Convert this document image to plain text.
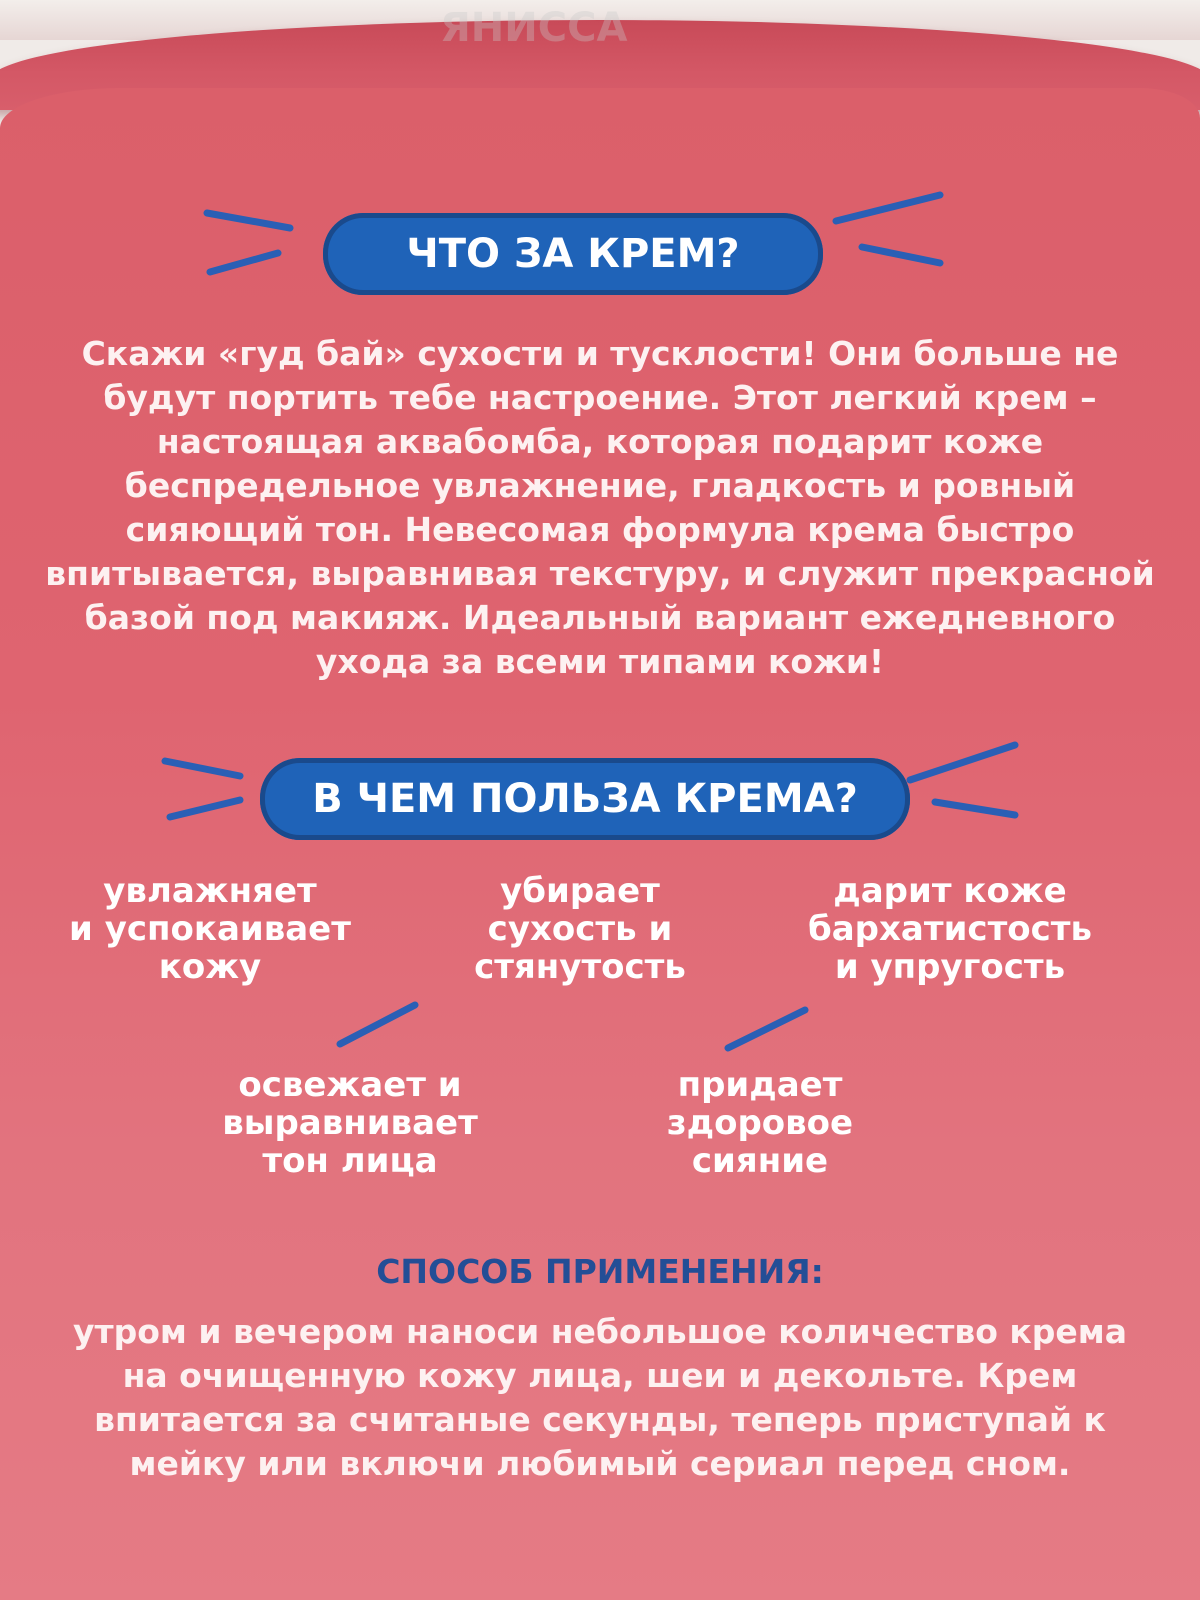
ЧТО ЗА КРЕМ?
Скажи «гуд бай» сухости и тусклости! Они больше не
будут портить тебе настроение. Этот легкий крем –
настоящая аквабомба, которая подарит коже
беспредельное увлажнение, гладкость и ровный
сияющий тон. Невесомая формула крема быстро
впитывается, выравнивая текстуру, и служит прекрасной
базой под макияж. Идеальный вариант ежедневного
ухода за всеми типами кожи!
В ЧЕМ ПОЛЬЗА КРЕМА?
увлажняет
и успокаивает
кожу
убирает
сухость и
стянутость
дарит коже
бархатистость
и упругость
освежает и
выравнивает
тон лица
придает
здоровое
сияние
СПОСОБ ПРИМЕНЕНИЯ:
утром и вечером наноси небольшое количество крема
на очищенную кожу лица, шеи и декольте. Крем
впитается за считаные секунды, теперь приступай к
мейку или включи любимый сериал перед сном.
ЯНИССА
